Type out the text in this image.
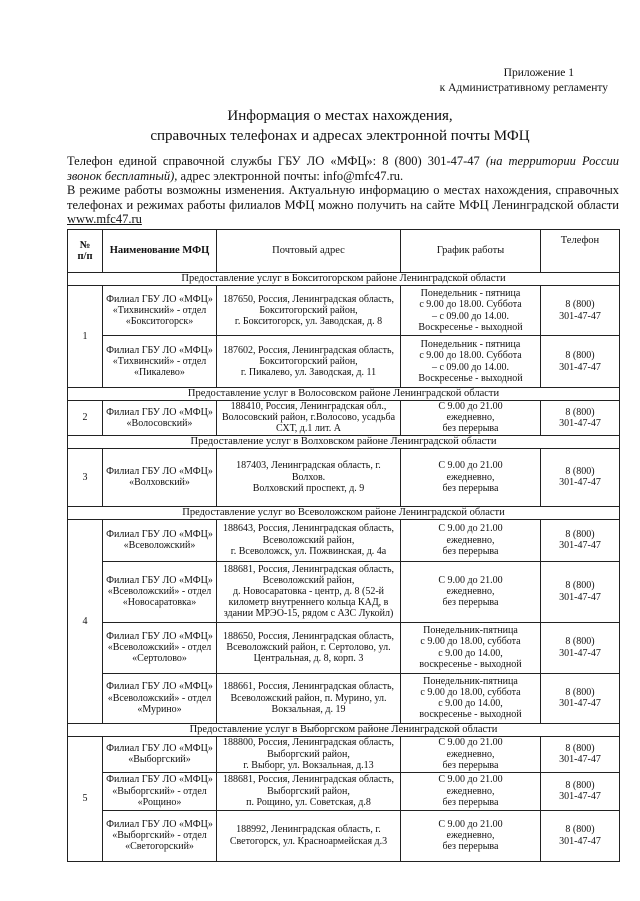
Приложение 1
к Административному регламенту
Информация о местах нахождения,
справочных телефонах и адресах электронной почты МФЦ

Телефон единой справочной службы ГБУ ЛО «МФЦ»: 8 (800) 301-47-47 (на территории России звонок бесплатный), адрес электронной почты: info@mfc47.ru.

В режиме работы возможны изменения. Актуальную информацию о местах нахождения, справочных телефонах и режимах работы филиалов МФЦ можно получить на сайте МФЦ Ленинградской области www.mfc47.ru

№
п/п	Наименование МФЦ	Почтовый адрес	График работы	Телефон
Предоставление услуг в Бокситогорском районе Ленинградской области				
1	Филиал ГБУ ЛО «МФЦ»
«Тихвинский» - отдел
«Бокситогорск»	187650, Россия, Ленинградская область,
Бокситогорский район,
г. Бокситогорск, ул. Заводская, д. 8	Понедельник - пятница
с 9.00 до 18.00. Суббота
– с 09.00 до 14.00.
Воскресенье - выходной	8 (800)
301-47-47
	Филиал ГБУ ЛО «МФЦ»
«Тихвинский» - отдел
«Пикалево»	187602, Россия, Ленинградская область,
Бокситогорский район,
г. Пикалево, ул. Заводская, д. 11	Понедельник - пятница
с 9.00 до 18.00. Суббота
– с 09.00 до 14.00.
Воскресенье - выходной	8 (800)
301-47-47
Предоставление услуг в Волосовском районе Ленинградской области				
2	Филиал ГБУ ЛО «МФЦ»
«Волосовский»	188410, Россия, Ленинградская обл.,
Волосовский район, г.Волосово, усадьба
СХТ, д.1 лит. А	С 9.00 до 21.00
ежедневно,
без перерыва	8 (800)
301-47-47
Предоставление услуг в Волховском районе Ленинградской области				
3	Филиал ГБУ ЛО «МФЦ»
«Волховский»	187403, Ленинградская область, г. Волхов.
Волховский проспект, д. 9	С 9.00 до 21.00
ежедневно,
без перерыва	8 (800)
301-47-47
Предоставление услуг во Всеволожском районе Ленинградской области				
4	Филиал ГБУ ЛО «МФЦ»
«Всеволожский»	188643, Россия, Ленинградская область,
Всеволожский район,
г. Всеволожск, ул. Пожвинская, д. 4а	С 9.00 до 21.00
ежедневно,
без перерыва	8 (800)
301-47-47
	Филиал ГБУ ЛО «МФЦ»
«Всеволожский» - отдел
«Новосаратовка»	188681, Россия, Ленинградская область,
Всеволожский район,
д. Новосаратовка - центр, д. 8 (52-й
километр внутреннего кольца КАД, в
здании МРЭО-15, рядом с АЗС Лукойл)	С 9.00 до 21.00
ежедневно,
без перерыва	8 (800)
301-47-47
	Филиал ГБУ ЛО «МФЦ»
«Всеволожский» - отдел
«Сертолово»	188650, Россия, Ленинградская область,
Всеволожский район, г. Сертолово, ул.
Центральная, д. 8, корп. 3	Понедельник-пятница
с 9.00 до 18.00, суббота
с 9.00 до 14.00,
воскресенье - выходной	8 (800)
301-47-47
	Филиал ГБУ ЛО «МФЦ»
«Всеволожский» - отдел
«Мурино»	188661, Россия, Ленинградская область,
Всеволожский район, п. Мурино, ул.
Вокзальная, д. 19	Понедельник-пятница
с 9.00 до 18.00, суббота
с 9.00 до 14.00,
воскресенье - выходной	8 (800)
301-47-47
Предоставление услуг в Выборгском районе Ленинградской области				
5	Филиал ГБУ ЛО «МФЦ»
«Выборгский»	188800, Россия, Ленинградская область,
Выборгский район,
г. Выборг, ул. Вокзальная, д.13	С 9.00 до 21.00
ежедневно,
без перерыва	8 (800)
301-47-47
	Филиал ГБУ ЛО «МФЦ»
«Выборгский» - отдел
«Рощино»	188681, Россия, Ленинградская область,
Выборгский район,
п. Рощино, ул. Советская, д.8	С 9.00 до 21.00
ежедневно,
без перерыва	8 (800)
301-47-47
	Филиал ГБУ ЛО «МФЦ»
«Выборгский» - отдел
«Светогорский»	188992, Ленинградская область, г.
Светогорск, ул. Красноармейская д.3	С 9.00 до 21.00
ежедневно,
без перерыва	8 (800)
301-47-47
